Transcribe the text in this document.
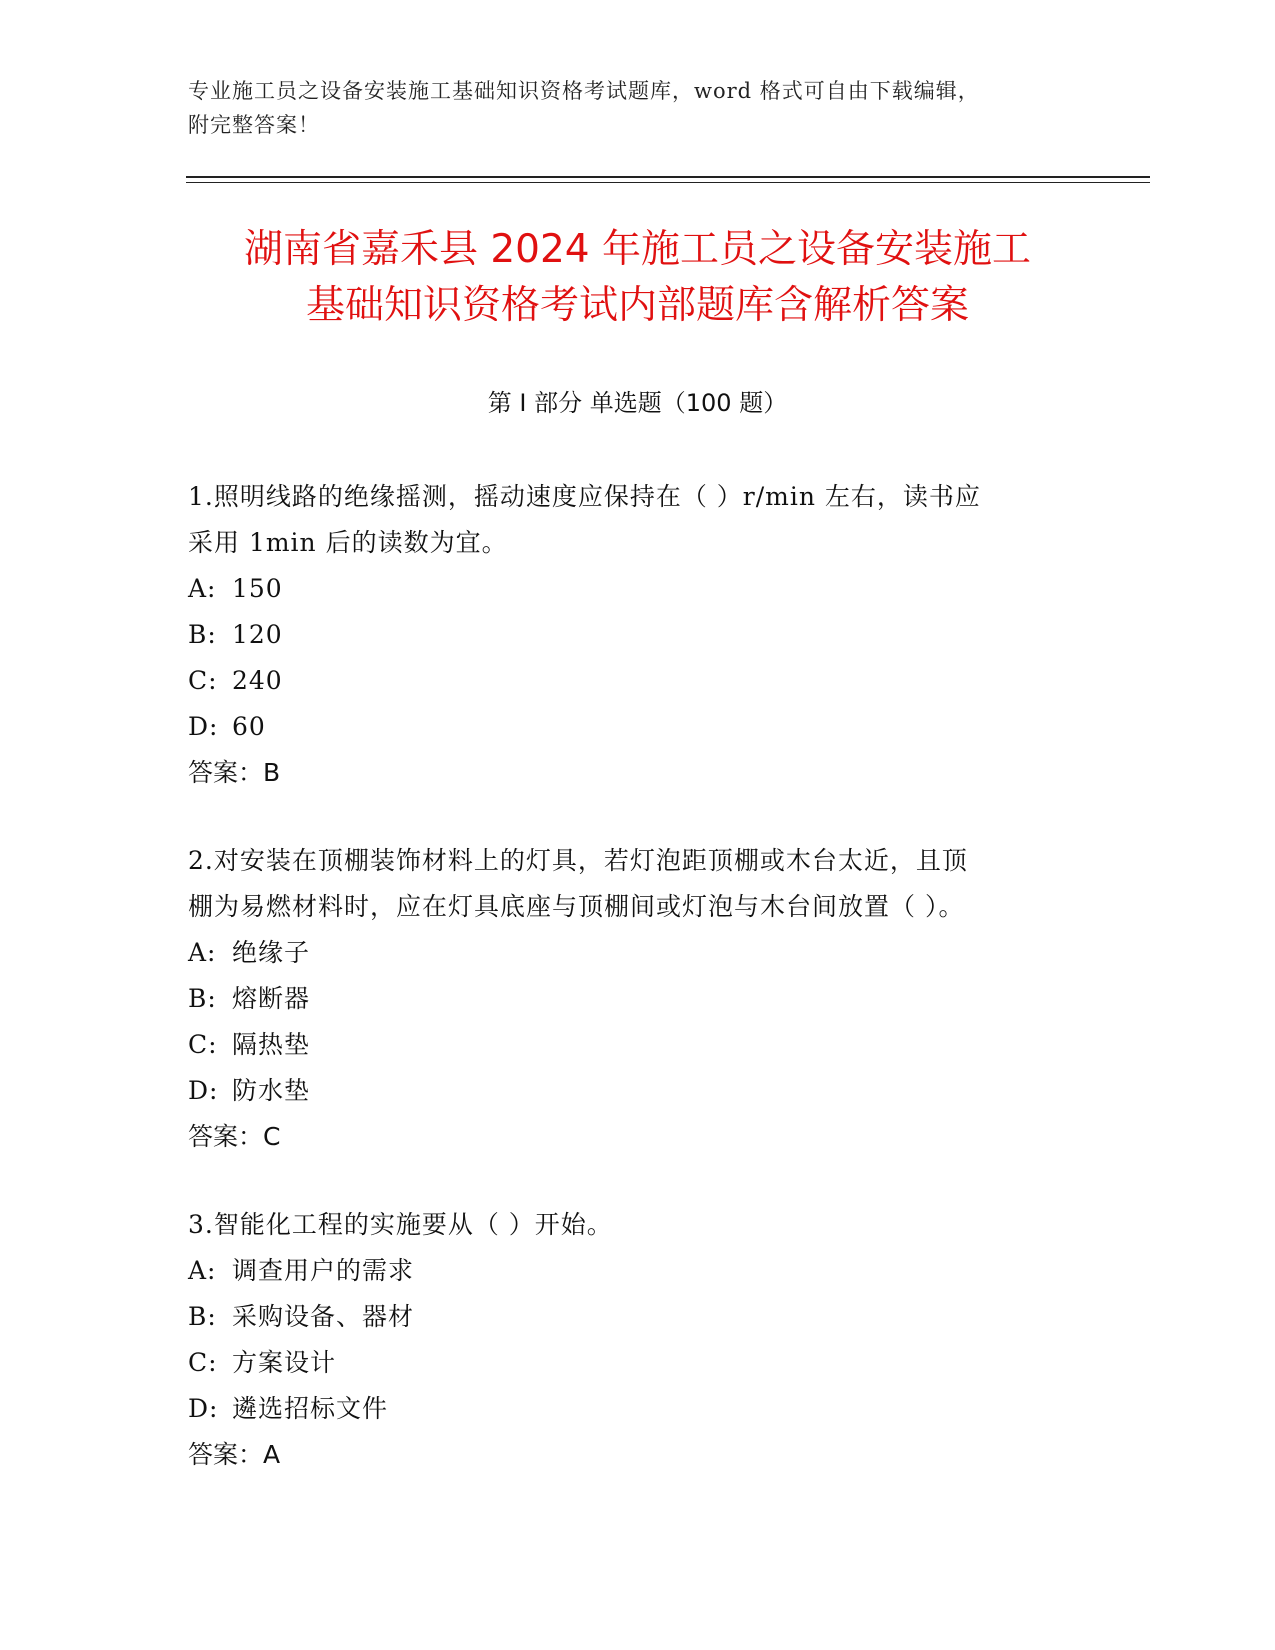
专业施工员之设备安装施工基础知识资格考试题库，word 格式可自由下载编辑，
附完整答案！
湖南省嘉禾县 2024 年施工员之设备安装施工
基础知识资格考试内部题库含解析答案
第 I 部分 单选题（100 题）

1.照明线路的绝缘摇测，摇动速度应保持在（ ）r/min 左右，读书应

采用 1min 后的读数为宜。

A: 150

B: 120

C: 240

D: 60

答案：B

2.对安装在顶棚装饰材料上的灯具，若灯泡距顶棚或木台太近，且顶

棚为易燃材料时，应在灯具底座与顶棚间或灯泡与木台间放置（ ）。

A: 绝缘子

B: 熔断器

C: 隔热垫

D: 防水垫

答案：C

3.智能化工程的实施要从（ ）开始。

A: 调查用户的需求

B: 采购设备、器材

C: 方案设计

D: 遴选招标文件

答案：A
